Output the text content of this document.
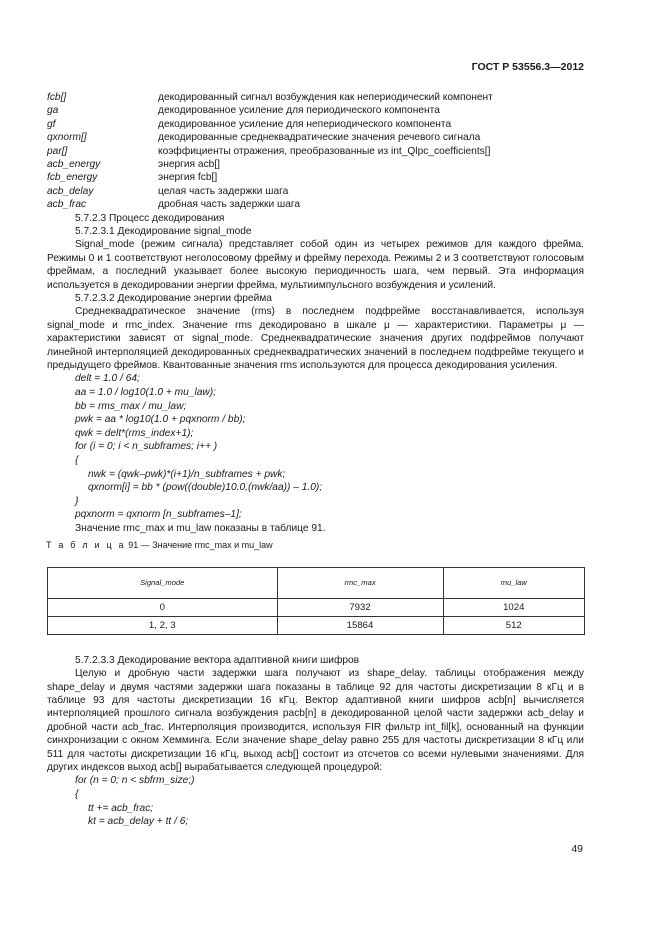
ГОСТ Р 53556.3—2012
fcb[]	декодированный сигнал возбуждения как непериодический компонент
ga	декодированное усиление для периодического компонента
gf	декодированное усиление для непериодического компонента
qxnorm[]	декодированные среднеквадратические значения речевого сигнала
par[]	коэффициенты отражения, преобразованные из int_Qlpc_coefficients[]
acb_energy	энергия acb[]
fcb_energy	энергия fcb[]
acb_delay	целая часть задержки шага
acb_frac	дробная часть задержки шага

5.7.2.3 Процесс декодирования

5.7.2.3.1 Декодирование signal_mode

Signal_mode (режим сигнала) представляет собой один из четырех режимов для каждого фрейма. Режимы 0 и 1 соответствуют неголосовому фрейму и фрейму перехода. Режимы 2 и 3 соответствуют голосовым фреймам, а последний указывает более высокую периодичность шага, чем первый. Эта информация используется в декодировании энергии фрейма, мультиимпульсного возбуждения и усилений.

5.7.2.3.2 Декодирование энергии фрейма

Среднеквадратическое значение (rms) в последнем подфрейме восстанавливается, используя signal_mode и rmc_index. Значение rms декодировано в шкале μ — характеристики. Параметры μ — характеристики зависят от signal_mode. Среднеквадратические значения других подфреймов получают линейной интерполяцией декодированных среднеквадратических значений в последнем подфрейме текущего и предыдущего фреймов. Квантованные значения rms используются для процесса декодирования усиления.

delt = 1.0 / 64;
aa = 1.0 / log10(1.0 + mu_law);
bb = rms_max / mu_law;
pwk = aa * log10(1.0 + pqxnorm / bb);
qwk = delt*(rms_index+1);
for (i = 0; i < n_subframes; i++ )
{
nwk = (qwk–pwk)*(i+1)/n_subframes + pwk;
qxnorm[i] = bb * (pow((double)10.0,(nwk/aa)) – 1.0);
}
pqxnorm = qxnorm [n_subframes–1];

Значение rmc_max и mu_law показаны в таблице 91.

Т а б л и ц а 91 — Значение rmc_max и mu_law
Signal_mode	rmc_max	mu_law
0	7932	1024
1, 2, 3	15864	512

5.7.2.3.3 Декодирование вектора адаптивной книги шифров

Целую и дробную части задержки шага получают из shape_delay. таблицы отображения между shape_delay и двумя частями задержки шага показаны в таблице 92 для частоты дискретизации 8 кГц и в таблице 93 для частоты дискретизации 16 кГц. Вектор адаптивной книги шифров acb[n] вычисляется интерполяцией прошлого сигнала возбуждения pacb[n] в декодированной целой части задержки acb_delay и дробной части acb_frac. Интерполяция производится, используя FIR фильтр int_fil[k], основанный на функции синхронизации с окном Хемминга. Если значение shape_delay равно 255 для частоты дискретизации 8 кГц или 511 для частоты дискретизации 16 кГц, выход acb[] состоит из отсчетов со всеми нулевыми значениями. Для других индексов выход acb[] вырабатывается следующей процедурой:

for (n = 0; n < sbfrm_size;)
{
tt += acb_frac;
kt = acb_delay + tt / 6;
49
